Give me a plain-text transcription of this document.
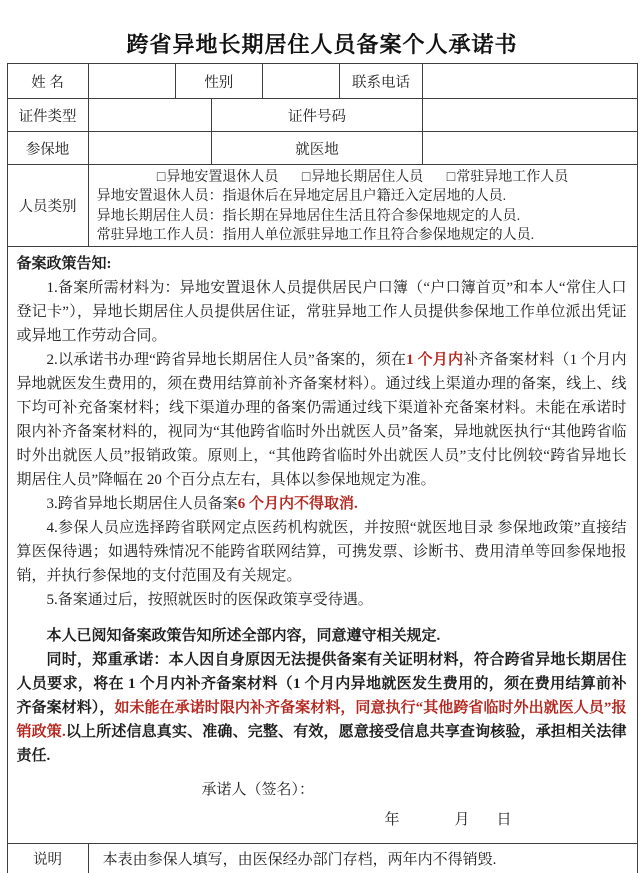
跨省异地长期居住人员备案个人承诺书
姓 名		性别			联系电话	
证件类型			证件号码			
参保地			就医地			
人员类别	□异地安置退休人员 □异地长期居住人员 □常驻异地工作人员
异地安置退休人员：指退休后在异地定居且户籍迁入定居地的人员.
异地长期居住人员：指长期在异地居住生活且符合参保地规定的人员.
常驻异地工作人员：指用人单位派驻异地工作且符合参保地规定的人员.					

备案政策告知:

1.备案所需材料为：异地安置退休人员提供居民户口簿（“户口簿首页”和本人“常住人口登记卡”），异地长期居住人员提供居住证，常驻异地工作人员提供参保地工作单位派出凭证或异地工作劳动合同。

2.以承诺书办理“跨省异地长期居住人员”备案的，须在1 个月内补齐备案材料（1 个月内异地就医发生费用的，须在费用结算前补齐备案材料）。通过线上渠道办理的备案，线上、线下均可补充备案材料；线下渠道办理的备案仍需通过线下渠道补充备案材料。未能在承诺时限内补齐备案材料的，视同为“其他跨省临时外出就医人员”备案，异地就医执行“其他跨省临时外出就医人员”报销政策。原则上，“其他跨省临时外出就医人员”支付比例较“跨省异地长期居住人员”降幅在 20 个百分点左右，具体以参保地规定为准。

3.跨省异地长期居住人员备案6 个月内不得取消.

4.参保人员应选择跨省联网定点医药机构就医，并按照“就医地目录 参保地政策”直接结算医保待遇；如遇特殊情况不能跨省联网结算，可携发票、诊断书、费用清单等回参保地报销，并执行参保地的支付范围及有关规定。

5.备案通过后，按照就医时的医保政策享受待遇。

本人已阅知备案政策告知所述全部内容，同意遵守相关规定.

同时，郑重承诺：本人因自身原因无法提供备案有关证明材料，符合跨省异地长期居住人员要求，将在 1 个月内补齐备案材料（1 个月内异地就医发生费用的，须在费用结算前补齐备案材料），如未能在承诺时限内补齐备案材料，同意执行“其他跨省临时外出就医人员”报销政策.以上所述信息真实、准确、完整、有效，愿意接受信息共享查询核验，承担相关法律责任.

承诺人（签名）：
年	月 日

说明	本表由参保人填写，由医保经办部门存档，两年内不得销毁.					
